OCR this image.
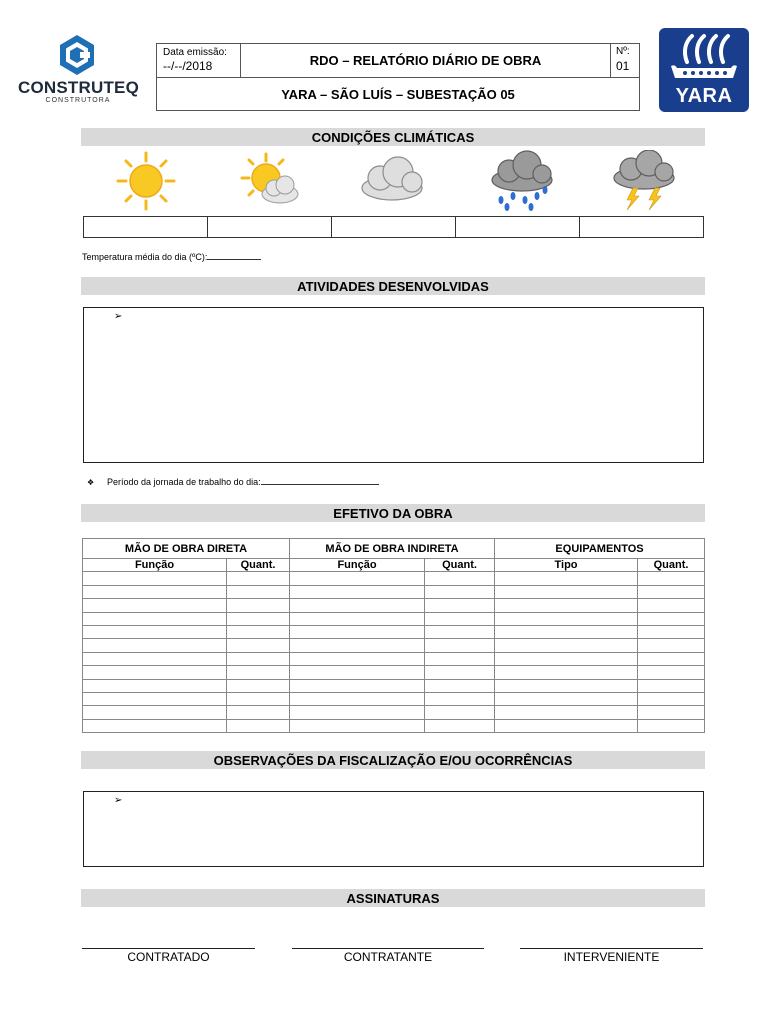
CONSTRUTEQ
CONSTRUTORA
Data emissão:
--/--/2018	RDO – RELATÓRIO DIÁRIO DE OBRA
Nº:
01
YARA – SÃO LUÍS – SUBESTAÇÃO 05	YARA
CONDIÇÕES CLIMÁTICAS
Temperatura média do dia (ºC):
ATIVIDADES DESENVOLVIDAS
➢
❖ Período da jornada de trabalho do dia:
EFETIVO DA OBRA
MÃO DE OBRA DIRETA		MÃO DE OBRA INDIRETA		EQUIPAMENTOS	
Função	Quant.	Função	Quant.	Tipo	Quant.

OBSERVAÇÕES DA FISCALIZAÇÃO E/OU OCORRÊNCIAS
➢
ASSINATURAS
CONTRATADO	CONTRATANTE	INTERVENIENTE
